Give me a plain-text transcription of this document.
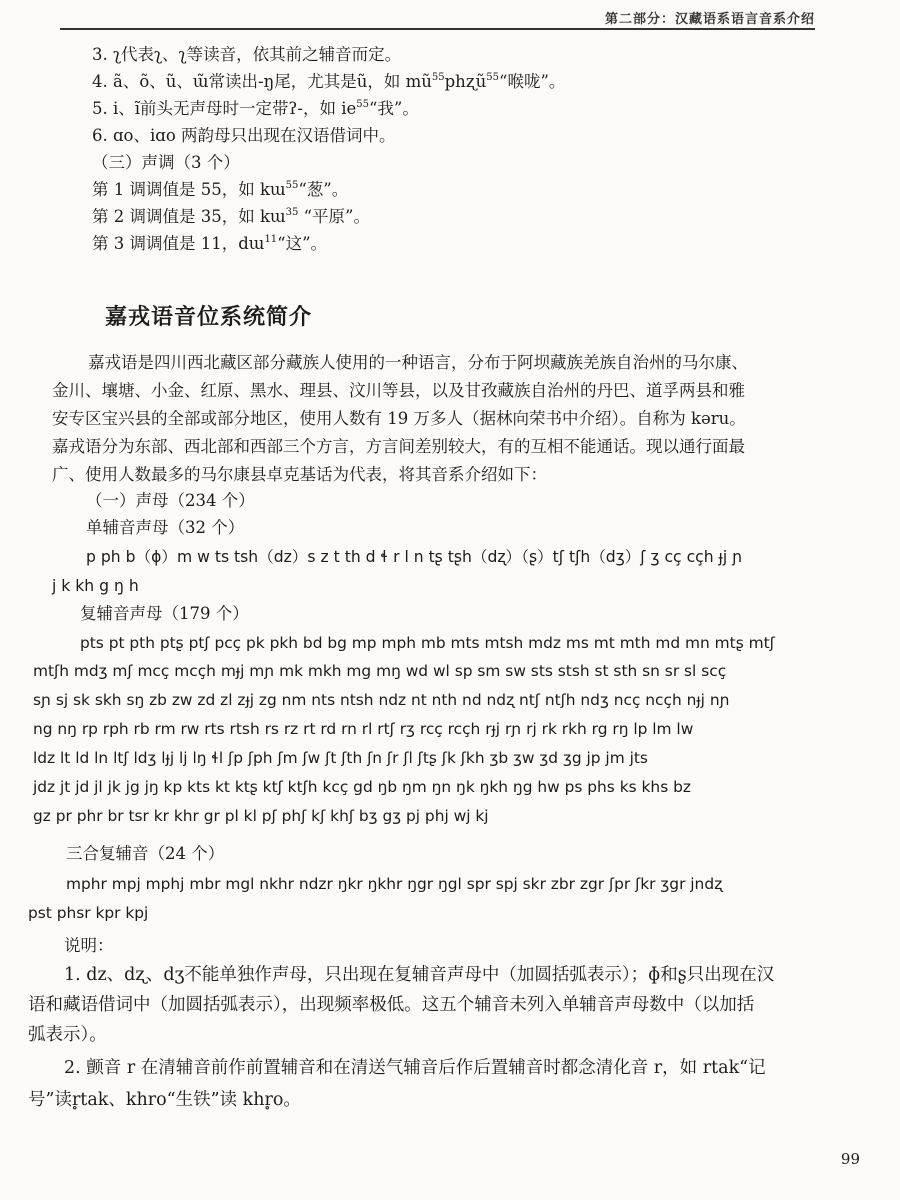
第二部分：汉藏语系语言音系介绍
3. ʅ代表ʅ、ʅ等读音，依其前之辅音而定。
4. ã、õ、ũ、ɯ̃常读出-ŋ尾，尤其是ũ，如 $mũ^{55}phʐũ^{55}“$喉咙”。
5. i、ĩ前头无声母时一定带ʔ-，如 $ie^{55}“$我”。
6. ɑo、iɑo 两韵母只出现在汉语借词中。
（三）声调（3 个）
第 1 调调值是 55，如 kɯ$^{55}$“葱”。
第 2 调调值是 35，如 kɯ$^{35}$ “平原”。
第 3 调调值是 11，dɯ$^{11}$“这”。
嘉戎语音位系统简介
嘉戎语是四川西北藏区部分藏族人使用的一种语言，分布于阿坝藏族羌族自治州的马尔康、
金川、壤塘、小金、红原、黑水、理县、汶川等县，以及甘孜藏族自治州的丹巴、道孚两县和雅
安专区宝兴县的全部或部分地区，使用人数有 19 万多人（据林向荣书中介绍）。自称为 kəru。
嘉戎语分为东部、西北部和西部三个方言，方言间差别较大，有的互相不能通话。现以通行面最
广、使用人数最多的马尔康县卓克基话为代表，将其音系介绍如下：
（一）声母（234 个）
单辅音声母（32 个）
p ph b（ɸ）m w ts tsh（dz）s z t th d ɬ r l n tʂ tʂh（dʐ）（ʂ）tʃ tʃh（dʒ）ʃ ʒ cç cçh ɟj ɲ
j k kh g ŋ h
复辅音声母（179 个）
pts pt pth ptʂ ptʃ pcç pk pkh bd bg mp mph mb mts mtsh mdz ms mt mth md mn mtʂ mtʃ
mtʃh mdʒ mʃ mcç mcçh mɟj mɲ mk mkh mg mŋ wd wl sp sm sw sts stsh st sth sn sr sl scç
sɲ sj sk skh sŋ zb zw zd zl zɟj zg nm nts ntsh ndz nt nth nd ndʐ ntʃ ntʃh ndʒ ncç ncçh nɟj nɲ
ng nŋ rp rph rb rm rw rts rtsh rs rz rt rd rn rl rtʃ rʒ rcç rcçh rɟj rɲ rj rk rkh rg rŋ lp lm lw
ldz lt ld ln ltʃ ldʒ lɟj lj lŋ ɬl ʃp ʃph ʃm ʃw ʃt ʃth ʃn ʃr ʃl ʃtʂ ʃk ʃkh ʒb ʒw ʒd ʒg jp jm jts
jdz jt jd jl jk jg jŋ kp kts kt ktʂ ktʃ ktʃh kcç gd ŋb ŋm ŋn ŋk ŋkh ŋg hw ps phs ks khs bz
gz pr phr br tsr kr khr gr pl kl pʃ phʃ kʃ khʃ bʒ gʒ pj phj wj kj
三合复辅音（24 个）
mphr mpj mphj mbr mgl nkhr ndzr ŋkr ŋkhr ŋgr ŋgl spr spj skr zbr zgr ʃpr ʃkr ʒgr jndʐ
pst phsr kpr kpj
说明：
1. dz、dʐ、dʒ不能单独作声母，只出现在复辅音声母中（加圆括弧表示）；ɸ和ʂ只出现在汉
语和藏语借词中（加圆括弧表示），出现频率极低。这五个辅音未列入单辅音声母数中（以加括
弧表示）。
2. 颤音 r 在清辅音前作前置辅音和在清送气辅音后作后置辅音时都念清化音 r，如 rtak“记
号”读r̥tak、khro“生铁”读 khr̥o。
99
